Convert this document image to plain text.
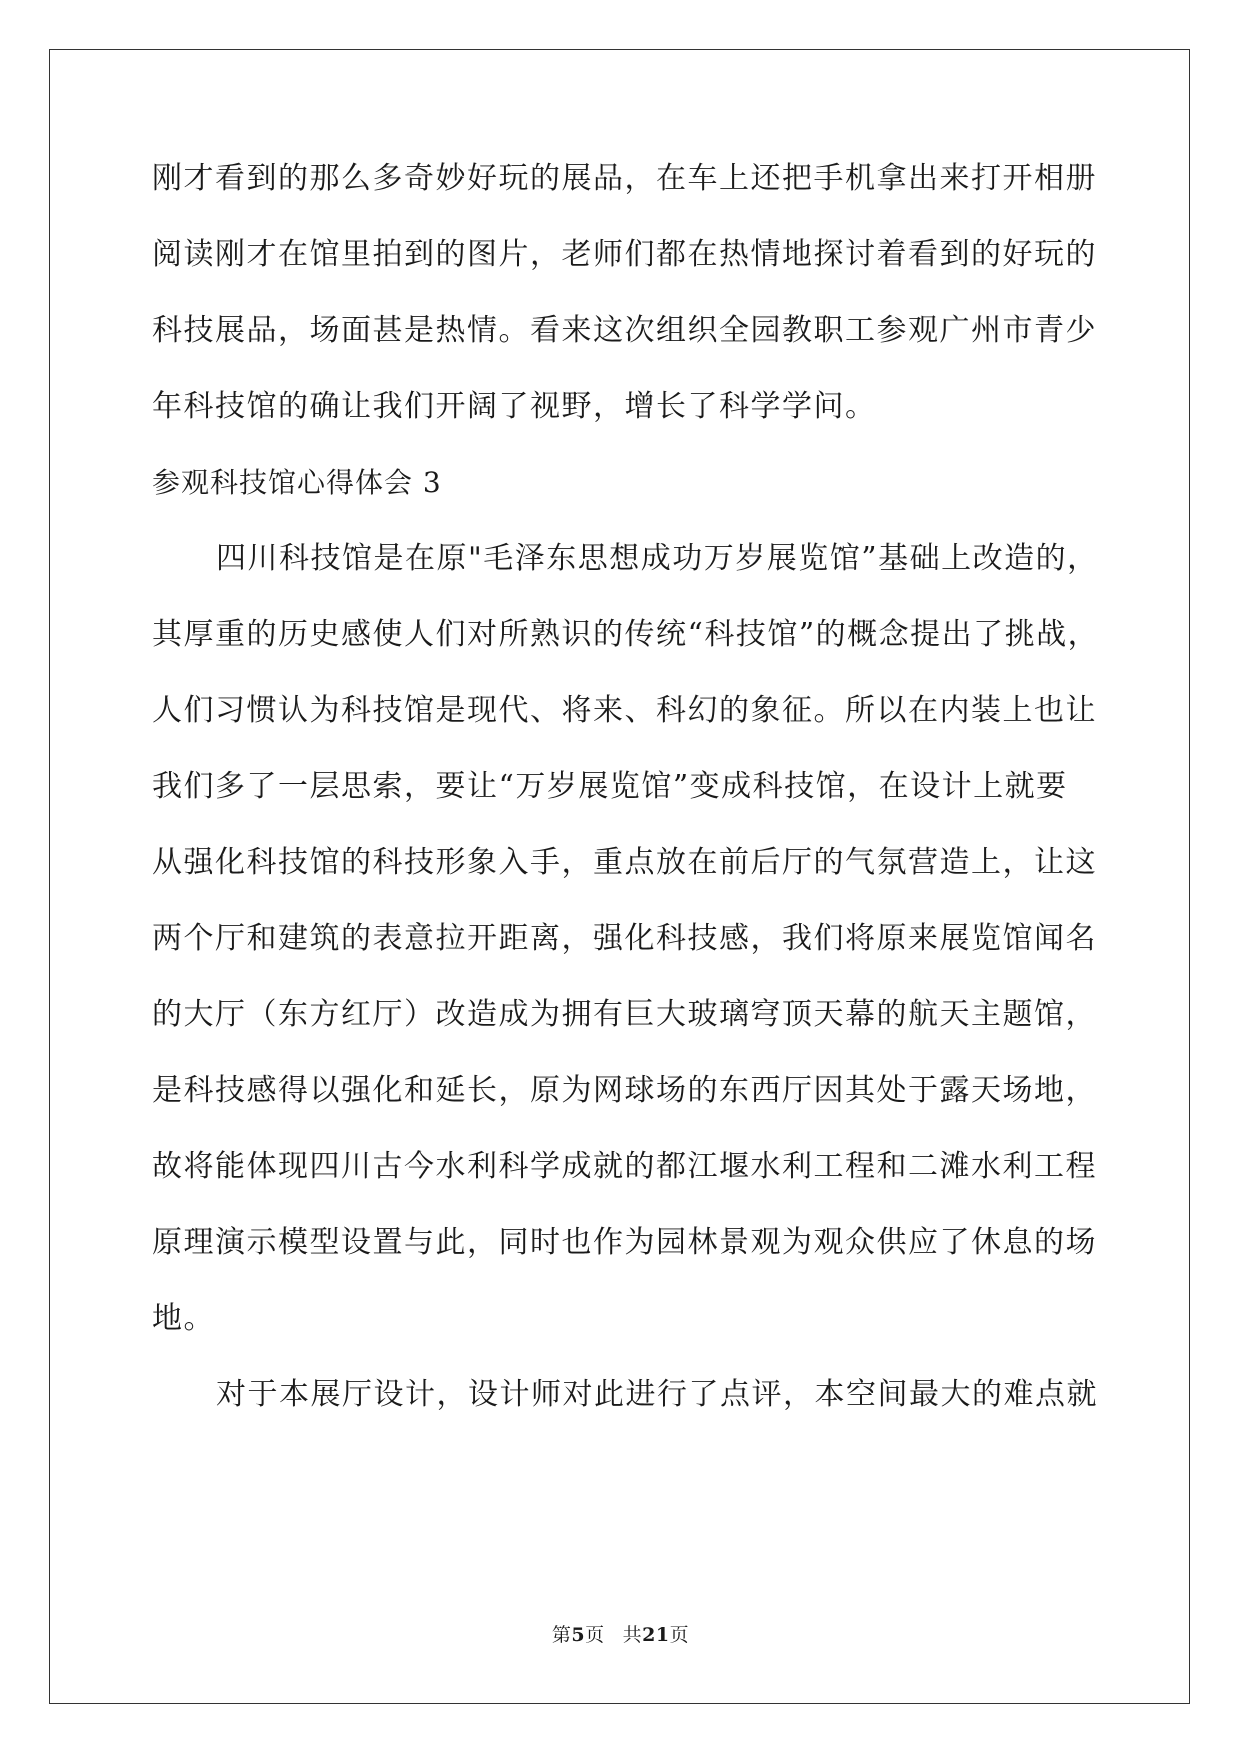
刚才看到的那么多奇妙好玩的展品，在车上还把手机拿出来打开相册
阅读刚才在馆里拍到的图片，老师们都在热情地探讨着看到的好玩的
科技展品，场面甚是热情。看来这次组织全园教职工参观广州市青少
年科技馆的确让我们开阔了视野，增长了科学学问。
参观科技馆心得体会 3
四川科技馆是在原"毛泽东思想成功万岁展览馆”基础上改造的，
其厚重的历史感使人们对所熟识的传统“科技馆”的概念提出了挑战，
人们习惯认为科技馆是现代、将来、科幻的象征。所以在内装上也让
我们多了一层思索，要让“万岁展览馆”变成科技馆，在设计上就要
从强化科技馆的科技形象入手，重点放在前后厅的气氛营造上，让这
两个厅和建筑的表意拉开距离，强化科技感，我们将原来展览馆闻名
的大厅（东方红厅）改造成为拥有巨大玻璃穹顶天幕的航天主题馆，
是科技感得以强化和延长，原为网球场的东西厅因其处于露天场地，
故将能体现四川古今水利科学成就的都江堰水利工程和二滩水利工程
原理演示模型设置与此，同时也作为园林景观为观众供应了休息的场
地。
对于本展厅设计，设计师对此进行了点评，本空间最大的难点就
第5页 共21页
